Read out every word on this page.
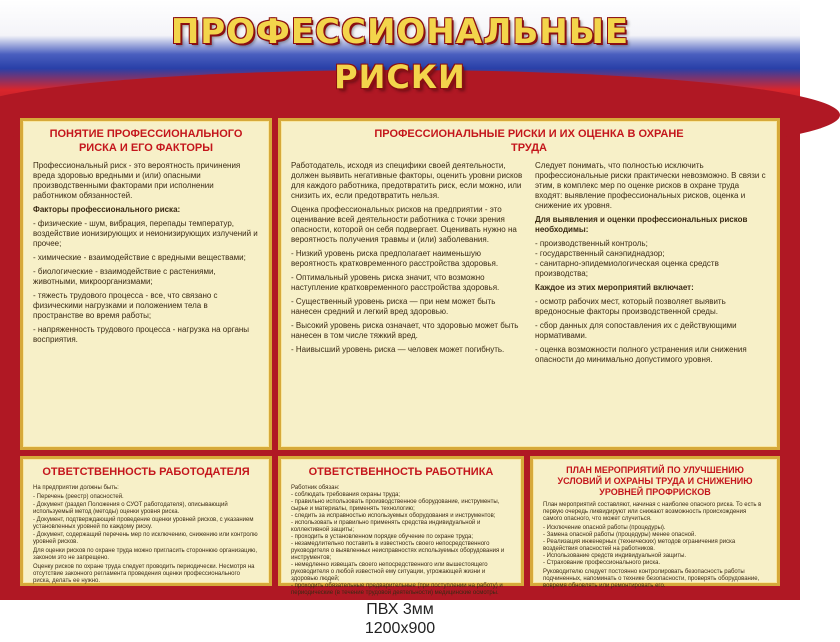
ПРОФЕССИОНАЛЬНЫЕ
РИСКИ
ПОНЯТИЕ ПРОФЕССИОНАЛЬНОГО РИСКА И ЕГО ФАКТОРЫ

Профессиональный риск - это вероятность причинения вреда здоровью вредными и (или) опасными производственными факторами при исполнении работником обязанностей.

Факторы профессионального риска:

- физические - шум, вибрация, перепады температур, воздействие ионизирующих и неионизирующих излучений и прочее;

- химические - взаимодействие с вредными веществами;

- биологические - взаимодействие с растениями, животными, микроорганизмами;

- тяжесть трудового процесса - все, что связано с физическими нагрузками и положением тела в пространстве во время работы;

- напряженность трудового процесса - нагрузка на органы восприятия.

ПРОФЕССИОНАЛЬНЫЕ РИСКИ И ИХ ОЦЕНКА В ОХРАНЕ ТРУДА

Работодатель, исходя из специфики своей деятельности, должен выявить негативные факторы, оценить уровни рисков для каждого работника, предотвратить риск, если можно, или снизить их, если предотвратить нельзя.

Оценка профессиональных рисков на предприятии - это оценивание всей деятельности работника с точки зрения опасности, которой он себя подвергает. Оценивать нужно на вероятность получения травмы и (или) заболевания.

- Низкий уровень риска предполагает наименьшую вероятность кратковременного расстройства здоровья.

- Оптимальный уровень риска значит, что возможно наступление кратковременного расстройства здоровья.

- Существенный уровень риска — при нем может быть нанесен средний и легкий вред здоровью.

- Высокий уровень риска означает, что здоровью может быть нанесен в том числе тяжкий вред.

- Наивысший уровень риска — человек может погибнуть.

Следует понимать, что полностью исключить профессиональные риски практически невозможно. В связи с этим, в комплекс мер по оценке рисков в охране труда входят: выявление профессиональных рисков, оценка и снижение их уровня.

Для выявления и оценки профессиональных рисков необходимы:

- производственный контроль;

- государственный санэпиднадзор;

- санитарно-эпидемиологическая оценка средств производства;

Каждое из этих мероприятий включает:

- осмотр рабочих мест, который позволяет выявить вредоносные факторы производственной среды.

- сбор данных для сопоставления их с действующими нормативами.

- оценка возможности полного устранения или снижения опасности до минимально допустимого уровня.

ОТВЕТСТВЕННОСТЬ РАБОТОДАТЕЛЯ

На предприятии должны быть:

- Перечень (реестр) опасностей.

- Документ (раздел Положения о СУОТ работодателя), описывающий используемый метод (методы) оценки уровня риска.

- Документ, подтверждающий проведение оценки уровней рисков, с указанием установленных уровней по каждому риску.

- Документ, содержащий перечень мер по исключению, снижению или контролю уровней рисков.

Для оценки рисков по охране труда можно пригласить стороннюю организацию, законом это не запрещено.

Оценку рисков по охране труда следует проводить периодически. Несмотря на отсутствие законного регламента проведения оценки профессионального риска, делать ее нужно.

ОТВЕТСТВЕННОСТЬ РАБОТНИКА

Работник обязан:

- соблюдать требования охраны труда;

- правильно использовать производственное оборудование, инструменты, сырье и материалы, применять технологию;

- следить за исправностью используемых оборудования и инструментов;

- использовать и правильно применять средства индивидуальной и коллективной защиты;

- проходить в установленном порядке обучение по охране труда;

- незамедлительно поставить в известность своего непосредственного руководителя о выявленных неисправностях используемых оборудования и инструментов;

- немедленно извещать своего непосредственного или вышестоящего руководителя о любой известной ему ситуации, угрожающей жизни и здоровью людей;

- проходить обязательные предварительные (при поступлении на работу) и периодические (в течение трудовой деятельности) медицинские осмотры.

ПЛАН МЕРОПРИЯТИЙ ПО УЛУЧШЕНИЮ УСЛОВИЙ И ОХРАНЫ ТРУДА И СНИЖЕНИЮ УРОВНЕЙ ПРОФРИСКОВ

План мероприятий составляют, начиная с наиболее опасного риска. То есть в первую очередь ликвидируют или снижают возможность происхождения самого опасного, что может случиться.

- Исключение опасной работы (процедуры).

- Замена опасной работы (процедуры) менее опасной.

- Реализация инженерных (технических) методов ограничения риска воздействия опасностей на работников.

- Использование средств индивидуальной защиты.

- Страхование профессионального риска.

Руководителю следует постоянно контролировать безопасность работы подчиненных, напоминать о технике безопасности, проверять оборудование, вовремя обновлять или ремонтировать его.

ПВХ 3мм
1200х900
